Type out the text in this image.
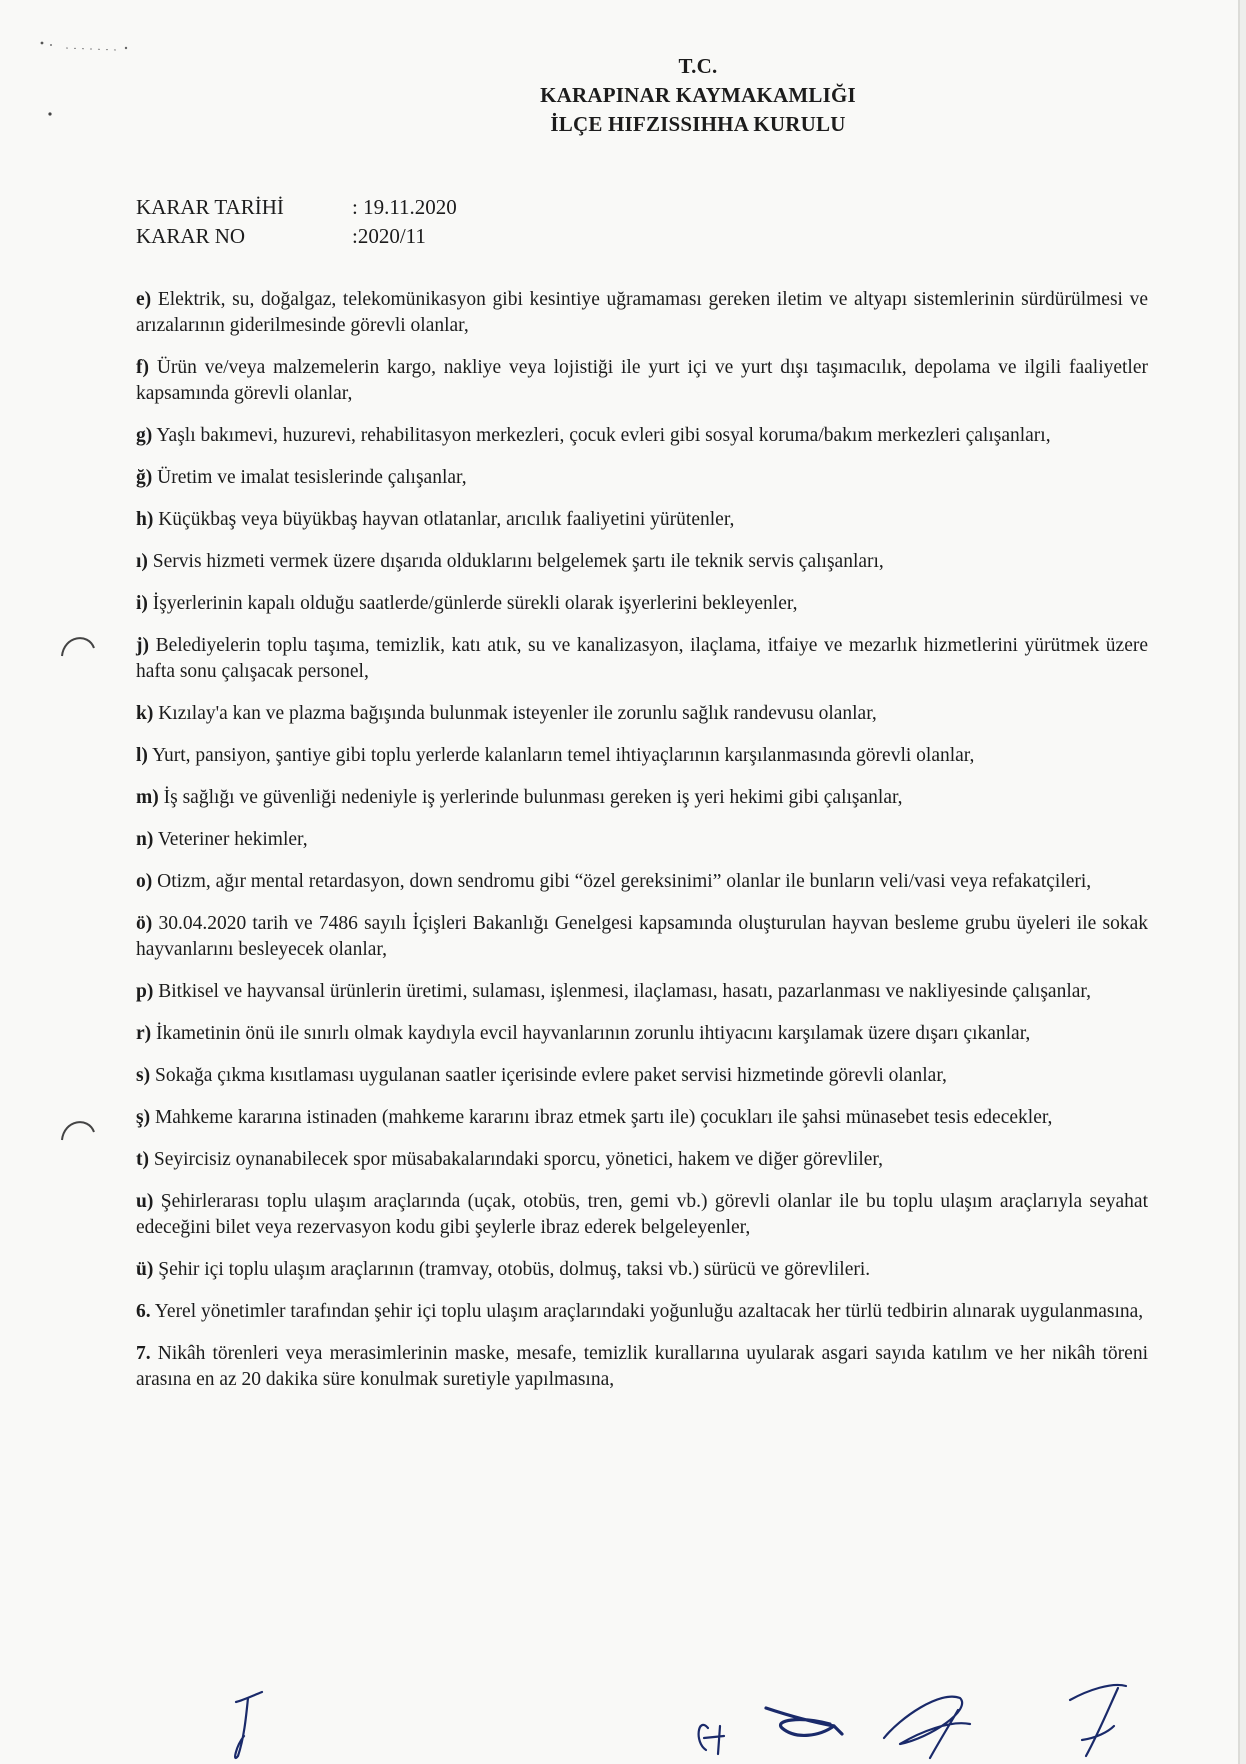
T.C.
KARAPINAR KAYMAKAMLIĞI
İLÇE HIFZISSIHHA KURULU
KARAR TARİHİ	: 19.11.2020
KARAR NO	:2020/11

e) Elektrik, su, doğalgaz, telekomünikasyon gibi kesintiye uğramaması gereken iletim ve altyapı sistemlerinin sürdürülmesi ve arızalarının giderilmesinde görevli olanlar,

f) Ürün ve/veya malzemelerin kargo, nakliye veya lojistiği ile yurt içi ve yurt dışı taşımacılık, depolama ve ilgili faaliyetler kapsamında görevli olanlar,

g) Yaşlı bakımevi, huzurevi, rehabilitasyon merkezleri, çocuk evleri gibi sosyal koruma/bakım merkezleri çalışanları,

ğ) Üretim ve imalat tesislerinde çalışanlar,

h) Küçükbaş veya büyükbaş hayvan otlatanlar, arıcılık faaliyetini yürütenler,

ı) Servis hizmeti vermek üzere dışarıda olduklarını belgelemek şartı ile teknik servis çalışanları,

i) İşyerlerinin kapalı olduğu saatlerde/günlerde sürekli olarak işyerlerini bekleyenler,

j) Belediyelerin toplu taşıma, temizlik, katı atık, su ve kanalizasyon, ilaçlama, itfaiye ve mezarlık hizmetlerini yürütmek üzere hafta sonu çalışacak personel,

k) Kızılay'a kan ve plazma bağışında bulunmak isteyenler ile zorunlu sağlık randevusu olanlar,

l) Yurt, pansiyon, şantiye gibi toplu yerlerde kalanların temel ihtiyaçlarının karşılanmasında görevli olanlar,

m) İş sağlığı ve güvenliği nedeniyle iş yerlerinde bulunması gereken iş yeri hekimi gibi çalışanlar,

n) Veteriner hekimler,

o) Otizm, ağır mental retardasyon, down sendromu gibi “özel gereksinimi” olanlar ile bunların veli/vasi veya refakatçileri,

ö) 30.04.2020 tarih ve 7486 sayılı İçişleri Bakanlığı Genelgesi kapsamında oluşturulan hayvan besleme grubu üyeleri ile sokak hayvanlarını besleyecek olanlar,

p) Bitkisel ve hayvansal ürünlerin üretimi, sulaması, işlenmesi, ilaçlaması, hasatı, pazarlanması ve nakliyesinde çalışanlar,

r) İkametinin önü ile sınırlı olmak kaydıyla evcil hayvanlarının zorunlu ihtiyacını karşılamak üzere dışarı çıkanlar,

s) Sokağa çıkma kısıtlaması uygulanan saatler içerisinde evlere paket servisi hizmetinde görevli olanlar,

ş) Mahkeme kararına istinaden (mahkeme kararını ibraz etmek şartı ile) çocukları ile şahsi münasebet tesis edecekler,

t) Seyircisiz oynanabilecek spor müsabakalarındaki sporcu, yönetici, hakem ve diğer görevliler,

u) Şehirlerarası toplu ulaşım araçlarında (uçak, otobüs, tren, gemi vb.) görevli olanlar ile bu toplu ulaşım araçlarıyla seyahat edeceğini bilet veya rezervasyon kodu gibi şeylerle ibraz ederek belgeleyenler,

ü) Şehir içi toplu ulaşım araçlarının (tramvay, otobüs, dolmuş, taksi vb.) sürücü ve görevlileri.

6. Yerel yönetimler tarafından şehir içi toplu ulaşım araçlarındaki yoğunluğu azaltacak her türlü tedbirin alınarak uygulanmasına,

7. Nikâh törenleri veya merasimlerinin maske, mesafe, temizlik kurallarına uyularak asgari sayıda katılım ve her nikâh töreni arasına en az 20 dakika süre konulmak suretiyle yapılmasına,
